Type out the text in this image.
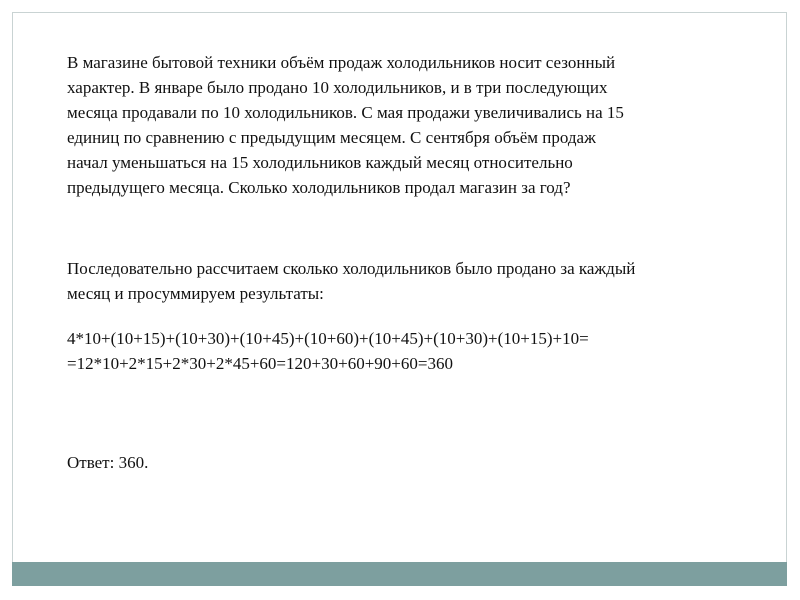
В магазине бытовой техники объём продаж холодильников носит сезонный
характер. В январе было продано 10 холодильников, и в три последующих
месяца продавали по 10 холодильников. С мая продажи увеличивались на 15
единиц по сравнению с предыдущим месяцем. С сентября объём продаж
начал уменьшаться на 15 холодильников каждый месяц относительно
предыдущего месяца. Сколько холодильников продал магазин за год?

Последовательно рассчитаем сколько холодильников было продано за каждый
месяц и просуммируем результаты:

4*10+(10+15)+(10+30)+(10+45)+(10+60)+(10+45)+(10+30)+(10+15)+10=
=12*10+2*15+2*30+2*45+60=120+30+60+90+60=360

Ответ: 360.
